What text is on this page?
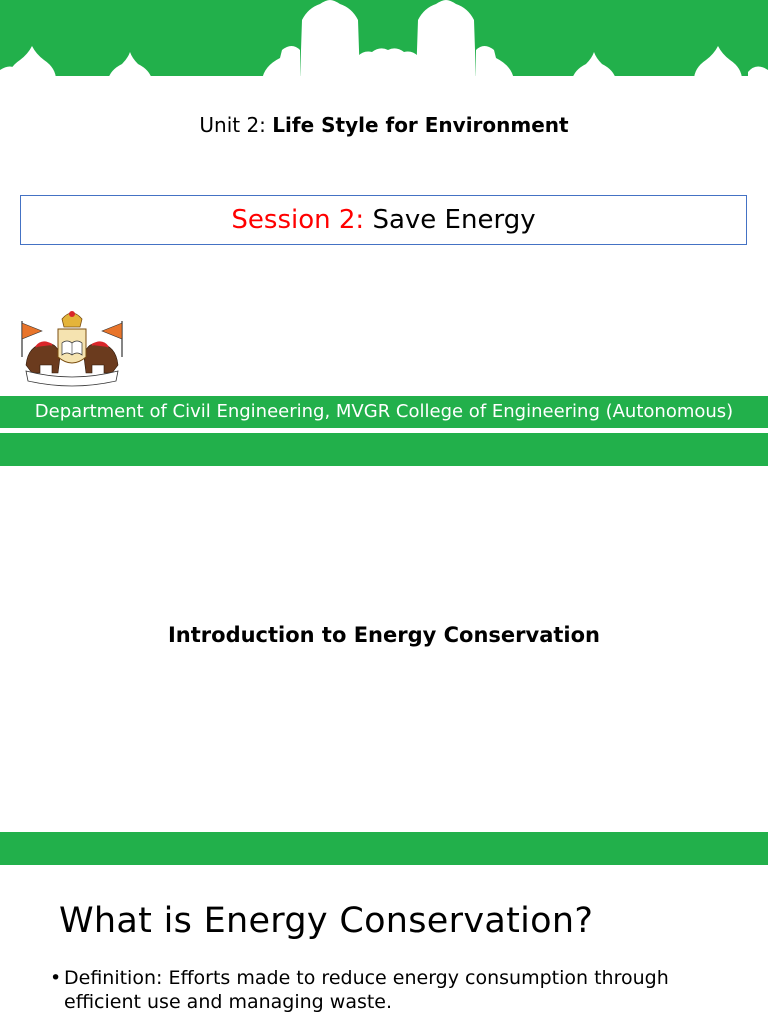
Unit 2: Life Style for Environment
Session 2: Save Energy
Department of Civil Engineering, MVGR College of Engineering (Autonomous)
Introduction to Energy Conservation
What is Energy Conservation?
• Definition: Efforts made to reduce energy consumption through efficient use and managing waste.
